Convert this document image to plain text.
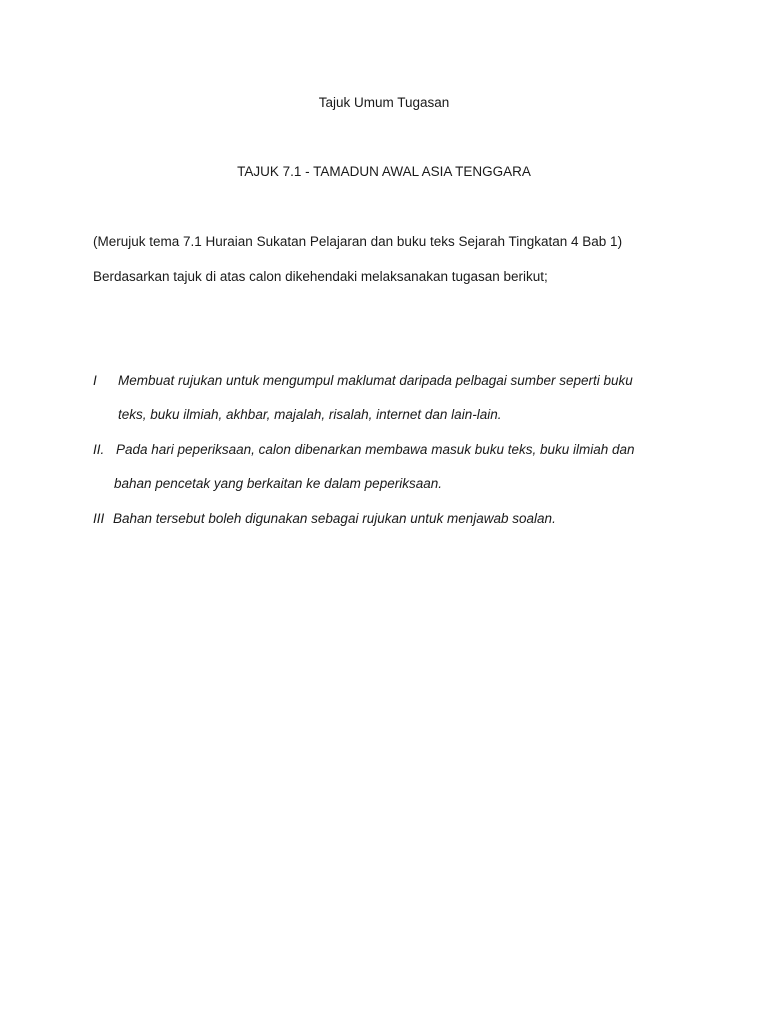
Tajuk Umum Tugasan
TAJUK 7.1 - TAMADUN AWAL ASIA TENGGARA
(Merujuk tema 7.1 Huraian Sukatan Pelajaran dan buku teks Sejarah Tingkatan 4 Bab 1)
Berdasarkan tajuk di atas calon dikehendaki melaksanakan tugasan berikut;
I Membuat rujukan untuk mengumpul maklumat daripada pelbagai sumber seperti buku
teks, buku ilmiah, akhbar, majalah, risalah, internet dan lain-lain.
II. Pada hari peperiksaan, calon dibenarkan membawa masuk buku teks, buku ilmiah dan
bahan pencetak yang berkaitan ke dalam peperiksaan.
III Bahan tersebut boleh digunakan sebagai rujukan untuk menjawab soalan.
